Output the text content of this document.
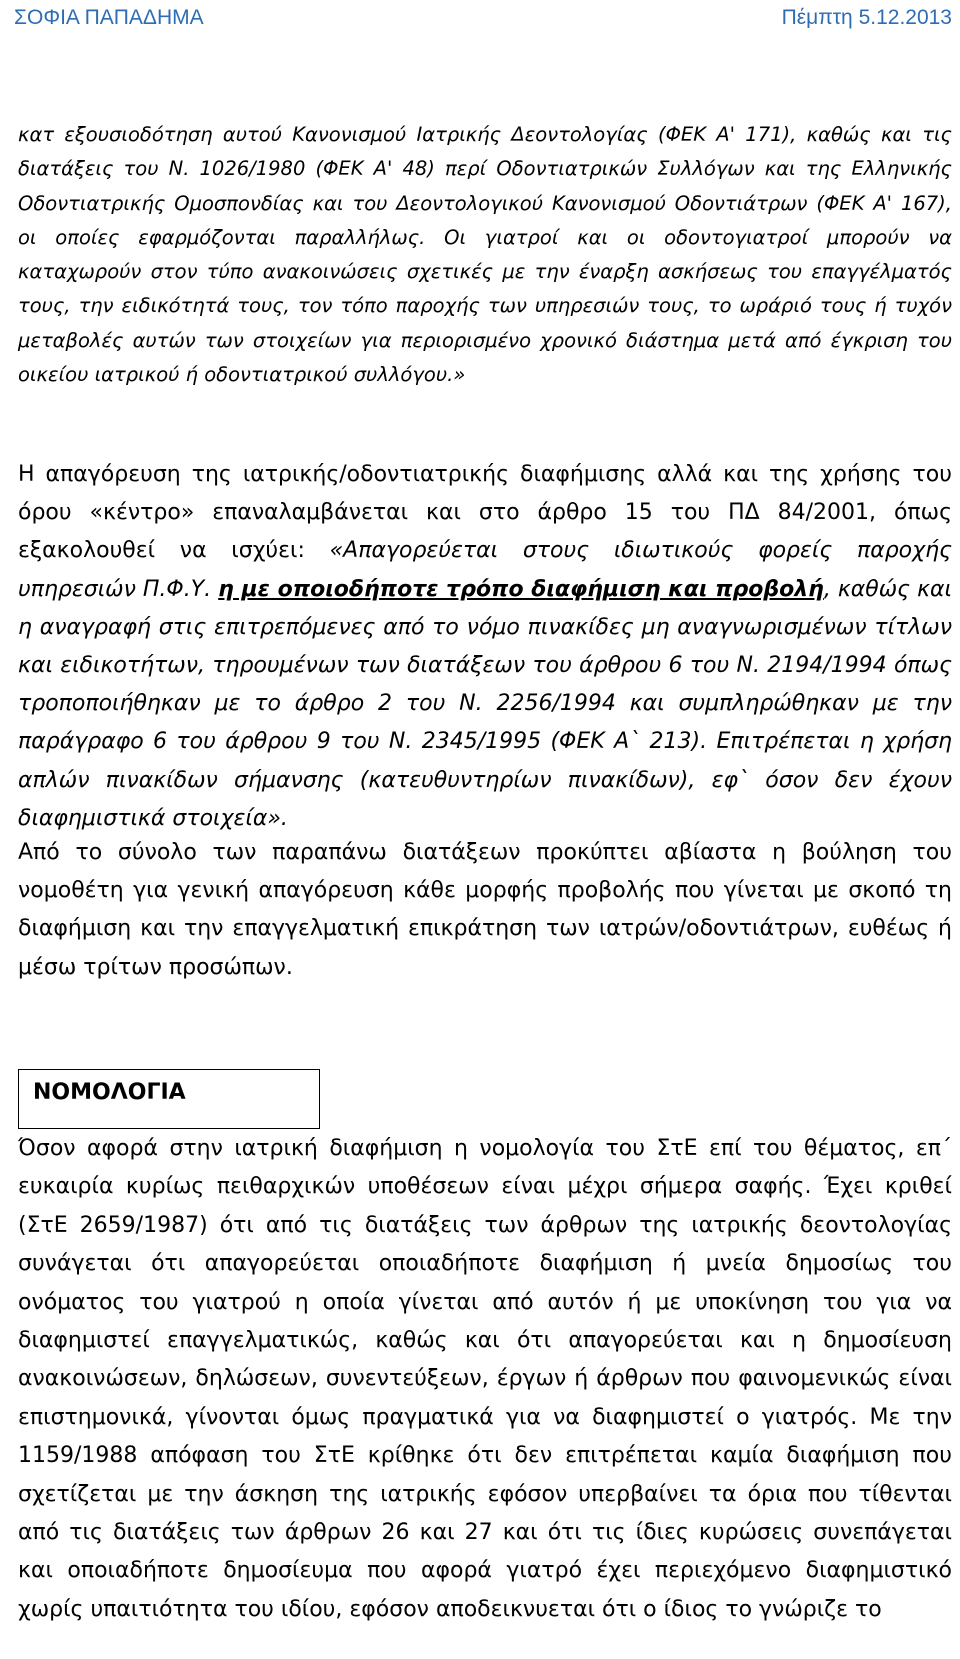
ΣΟΦΙΑ ΠΑΠΑΔΗΜΑ	Πέμπτη 5.12.2013
κατ εξουσιοδότηση αυτού Κανονισμού Ιατρικής Δεοντολογίας (ΦΕΚ Α' 171), καθώς και τις διατάξεις του Ν. 1026/1980 (ΦΕΚ Α' 48) περί Οδοντιατρικών Συλλόγων και της Ελληνικής Οδοντιατρικής Ομοσπονδίας και του Δεοντολογικού Κανονισμού Οδοντιάτρων (ΦΕΚ Α' 167), οι οποίες εφαρμόζονται παραλλήλως. Οι γιατροί και οι οδοντογιατροί μπορούν να καταχωρούν στον τύπο ανακοινώσεις σχετικές με την έναρξη ασκήσεως του επαγγέλματός τους, την ειδικότητά τους, τον τόπο παροχής των υπηρεσιών τους, το ωράριό τους ή τυχόν μεταβολές αυτών των στοιχείων για περιορισμένο χρονικό διάστημα μετά από έγκριση του οικείου ιατρικού ή οδοντιατρικού συλλόγου.»
Η απαγόρευση της ιατρικής/οδοντιατρικής διαφήμισης αλλά και της χρήσης του όρου «κέντρο» επαναλαμβάνεται και στο άρθρο 15 του ΠΔ 84/2001, όπως εξακολουθεί να ισχύει: «Απαγορεύεται στους ιδιωτικούς φορείς παροχής υπηρεσιών Π.Φ.Υ. η με οποιοδήποτε τρόπο διαφήμιση και προβολή, καθώς και η αναγραφή στις επιτρεπόμενες από το νόμο πινακίδες μη αναγνωρισμένων τίτλων και ειδικοτήτων, τηρουμένων των διατάξεων του άρθρου 6 του Ν. 2194/1994 όπως τροποποιήθηκαν με το άρθρο 2 του Ν. 2256/1994 και συμπληρώθηκαν με την παράγραφο 6 του άρθρου 9 του Ν. 2345/1995 (ΦΕΚ Α` 213). Επιτρέπεται η χρήση απλών πινακίδων σήμανσης (κατευθυντηρίων πινακίδων), εφ` όσον δεν έχουν διαφημιστικά στοιχεία».
Από το σύνολο των παραπάνω διατάξεων προκύπτει αβίαστα η βούληση του νομοθέτη για γενική απαγόρευση κάθε μορφής προβολής που γίνεται με σκοπό τη διαφήμιση και την επαγγελματική επικράτηση των ιατρών/οδοντιάτρων, ευθέως ή μέσω τρίτων προσώπων.
ΝΟΜΟΛΟΓΙΑ
Όσον αφορά στην ιατρική διαφήμιση η νομολογία του ΣτΕ επί του θέματος, επ΄ ευκαιρία κυρίως πειθαρχικών υποθέσεων είναι μέχρι σήμερα σαφής. Έχει κριθεί (ΣτΕ 2659/1987) ότι από τις διατάξεις των άρθρων της ιατρικής δεοντολογίας συνάγεται ότι απαγορεύεται οποιαδήποτε διαφήμιση ή μνεία δημοσίως του ονόματος του γιατρού η οποία γίνεται από αυτόν ή με υποκίνηση του για να διαφημιστεί επαγγελματικώς, καθώς και ότι απαγορεύεται και η δημοσίευση ανακοινώσεων, δηλώσεων, συνεντεύξεων, έργων ή άρθρων που φαινομενικώς είναι επιστημονικά, γίνονται όμως πραγματικά για να διαφημιστεί ο γιατρός. Με την 1159/1988 απόφαση του ΣτΕ κρίθηκε ότι δεν επιτρέπεται καμία διαφήμιση που σχετίζεται με την άσκηση της ιατρικής εφόσον υπερβαίνει τα όρια που τίθενται από τις διατάξεις των άρθρων 26 και 27 και ότι τις ίδιες κυρώσεις συνεπάγεται και οποιαδήποτε δημοσίευμα που αφορά γιατρό έχει περιεχόμενο διαφημιστικό χωρίς υπαιτιότητα του ιδίου, εφόσον αποδεικνυεται ότι ο ίδιος το γνώριζε το
